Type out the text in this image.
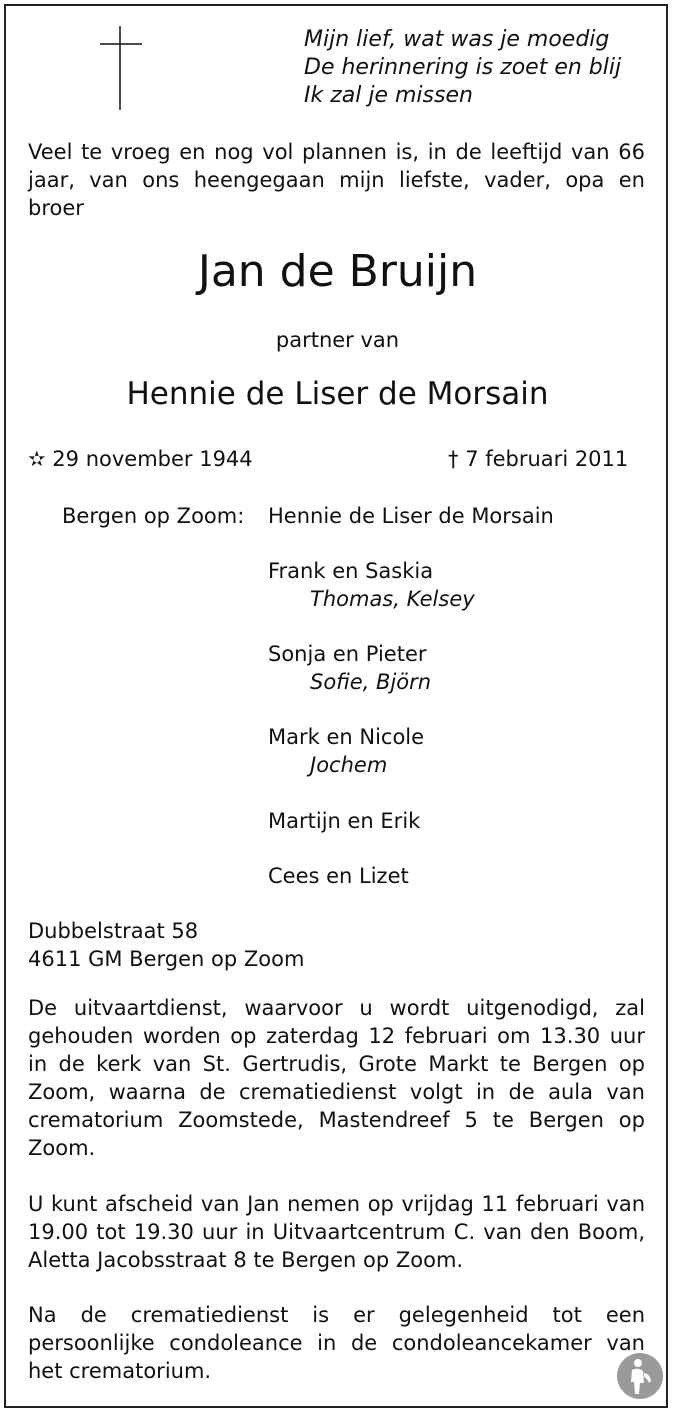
Mijn lief, wat was je moedig
De herinnering is zoet en blij
Ik zal je missen
Veel te vroeg en nog vol plannen is, in de leeftijd van 66 jaar, van ons heengegaan mijn liefste, vader, opa en broer
Jan de Bruijn
partner van
Hennie de Liser de Morsain
✫ 29 november 1944	† 7 februari 2011
Bergen op Zoom: Hennie de Liser de Morsain
Frank en Saskia
Thomas, Kelsey
Sonja en Pieter
Sofie, Björn
Mark en Nicole
Jochem
Martijn en Erik
Cees en Lizet
Dubbelstraat 58
4611 GM Bergen op Zoom
De uitvaartdienst, waarvoor u wordt uitgenodigd, zal gehouden worden op zaterdag 12 februari om 13.30 uur in de kerk van St. Gertrudis, Grote Markt te Bergen op Zoom, waarna de crematiedienst volgt in de aula van crematorium Zoomstede, Mastendreef 5 te Bergen op Zoom.
U kunt afscheid van Jan nemen op vrijdag 11 februari van 19.00 tot 19.30 uur in Uitvaartcentrum C. van den Boom, Aletta Jacobsstraat 8 te Bergen op Zoom.
Na de crematiedienst is er gelegenheid tot een persoonlijke condoleance in de condoleancekamer van het crematorium.
